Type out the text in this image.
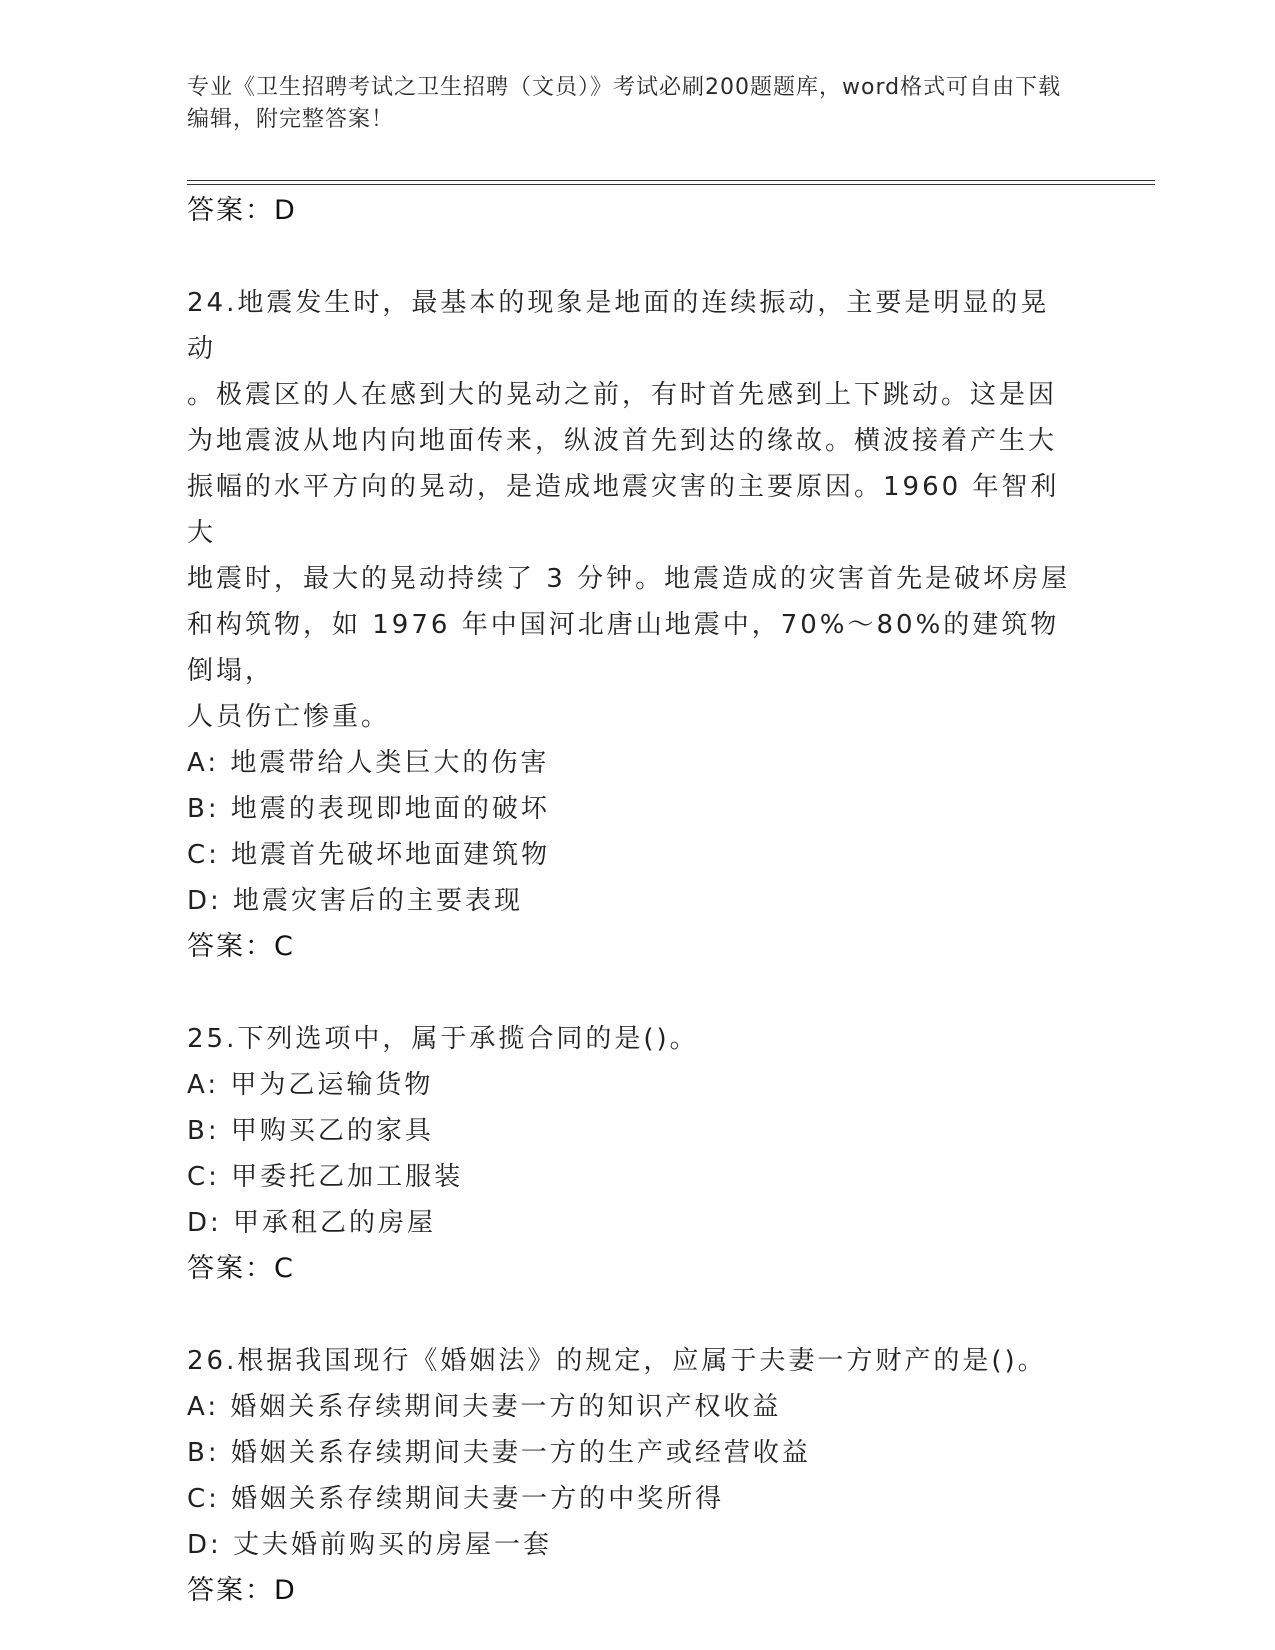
专业《卫生招聘考试之卫生招聘（文员）》考试必刷200题题库，word格式可自由下载编辑，附完整答案！
答案：D
24.地震发生时，最基本的现象是地面的连续振动，主要是明显的晃动
。极震区的人在感到大的晃动之前，有时首先感到上下跳动。这是因
为地震波从地内向地面传来，纵波首先到达的缘故。横波接着产生大
振幅的水平方向的晃动，是造成地震灾害的主要原因。1960 年智利大
地震时，最大的晃动持续了 3 分钟。地震造成的灾害首先是破坏房屋
和构筑物，如 1976 年中国河北唐山地震中，70%～80%的建筑物倒塌，
人员伤亡惨重。
A: 地震带给人类巨大的伤害
B: 地震的表现即地面的破坏
C: 地震首先破坏地面建筑物
D: 地震灾害后的主要表现
答案：C
25.下列选项中，属于承揽合同的是()。
A: 甲为乙运输货物
B: 甲购买乙的家具
C: 甲委托乙加工服装
D: 甲承租乙的房屋
答案：C
26.根据我国现行《婚姻法》的规定，应属于夫妻一方财产的是()。
A: 婚姻关系存续期间夫妻一方的知识产权收益
B: 婚姻关系存续期间夫妻一方的生产或经营收益
C: 婚姻关系存续期间夫妻一方的中奖所得
D: 丈夫婚前购买的房屋一套
答案：D
